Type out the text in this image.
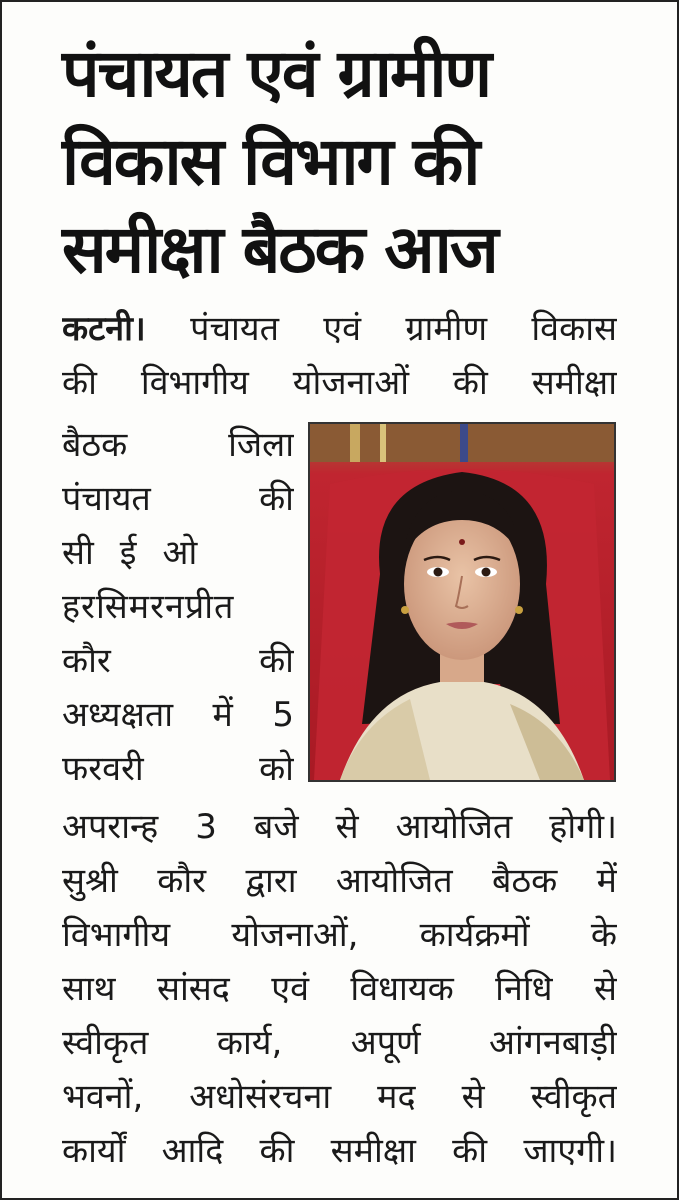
पंचायत एवं ग्रामीण
विकास विभाग की
समीक्षा बैठक आज
कटनी। पंचायत एवं ग्रामीण विकास
की विभागीय योजनाओं की समीक्षा
बैठक जिला
पंचायत की
सीईओ
हरसिमरनप्रीत
कौर की
अध्यक्षता में 5
फरवरी को
अपरान्ह 3 बजे से आयोजित होगी।
सुश्री कौर द्वारा आयोजित बैठक में
विभागीय योजनाओं, कार्यक्रमों के
साथ सांसद एवं विधायक निधि से
स्वीकृत कार्य, अपूर्ण आंगनबाड़ी
भवनों, अधोसंरचना मद से स्वीकृत
कार्यों आदि की समीक्षा की जाएगी।
